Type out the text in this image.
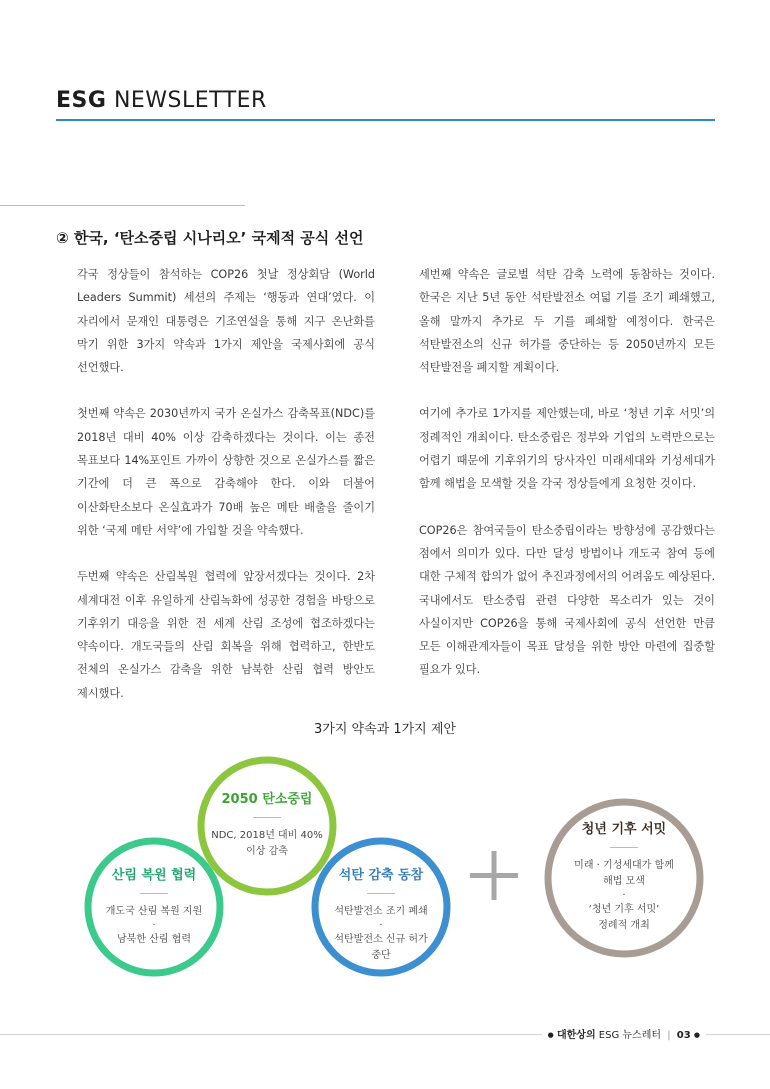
ESG NEWSLETTER
② 한국, ‘탄소중립 시나리오’ 국제적 공식 선언

각국 정상들이 참석하는 COP26 첫날 정상회담 (World Leaders Summit) 세션의 주제는 ‘행동과 연대’였다. 이 자리에서 문재인 대통령은 기조연설을 통해 지구 온난화를 막기 위한 3가지 약속과 1가지 제안을 국제사회에 공식 선언했다.

첫번째 약속은 2030년까지 국가 온실가스 감축목표(NDC)를 2018년 대비 40% 이상 감축하겠다는 것이다. 이는 종전 목표보다 14%포인트 가까이 상향한 것으로 온실가스를 짧은 기간에 더 큰 폭으로 감축해야 한다. 이와 더불어 이산화탄소보다 온실효과가 70배 높은 메탄 배출을 줄이기 위한 ‘국제 메탄 서약’에 가입할 것을 약속했다.

두번째 약속은 산림복원 협력에 앞장서겠다는 것이다. 2차 세계대전 이후 유일하게 산림녹화에 성공한 경험을 바탕으로 기후위기 대응을 위한 전 세계 산림 조성에 협조하겠다는 약속이다. 개도국들의 산림 회복을 위해 협력하고, 한반도 전체의 온실가스 감축을 위한 남북한 산림 협력 방안도 제시했다.

세번째 약속은 글로벌 석탄 감축 노력에 동참하는 것이다. 한국은 지난 5년 동안 석탄발전소 여덟 기를 조기 폐쇄했고, 올해 말까지 추가로 두 기를 폐쇄할 예정이다. 한국은 석탄발전소의 신규 허가를 중단하는 등 2050년까지 모든 석탄발전을 폐지할 계획이다.

여기에 추가로 1가지를 제안했는데, 바로 ‘청년 기후 서밋’의 정례적인 개최이다. 탄소중립은 정부와 기업의 노력만으로는 어렵기 때문에 기후위기의 당사자인 미래세대와 기성세대가 함께 해법을 모색할 것을 각국 정상들에게 요청한 것이다.

COP26은 참여국들이 탄소중립이라는 방향성에 공감했다는 점에서 의미가 있다. 다만 달성 방법이나 개도국 참여 등에 대한 구체적 합의가 없어 추진과정에서의 어려움도 예상된다. 국내에서도 탄소중립 관련 다양한 목소리가 있는 것이 사실이지만 COP26을 통해 국제사회에 공식 선언한 만큼 모든 이해관계자들이 목표 달성을 위한 방안 마련에 집중할 필요가 있다.

3가지 약속과 1가지 제안
2050 탄소중립
NDC, 2018년 대비 40%
이상 감축
산림 복원 협력
개도국 산림 복원 지원
·
남북한 산림 협력
석탄 감축 동참
석탄발전소 조기 폐쇄
·
석탄발전소 신규 허가
중단
청년 기후 서밋
미래 · 기성세대가 함께
해법 모색
·
‘청년 기후 서밋’
정례적 개최
● 대한상의 ESG 뉴스레터 | 03 ●
